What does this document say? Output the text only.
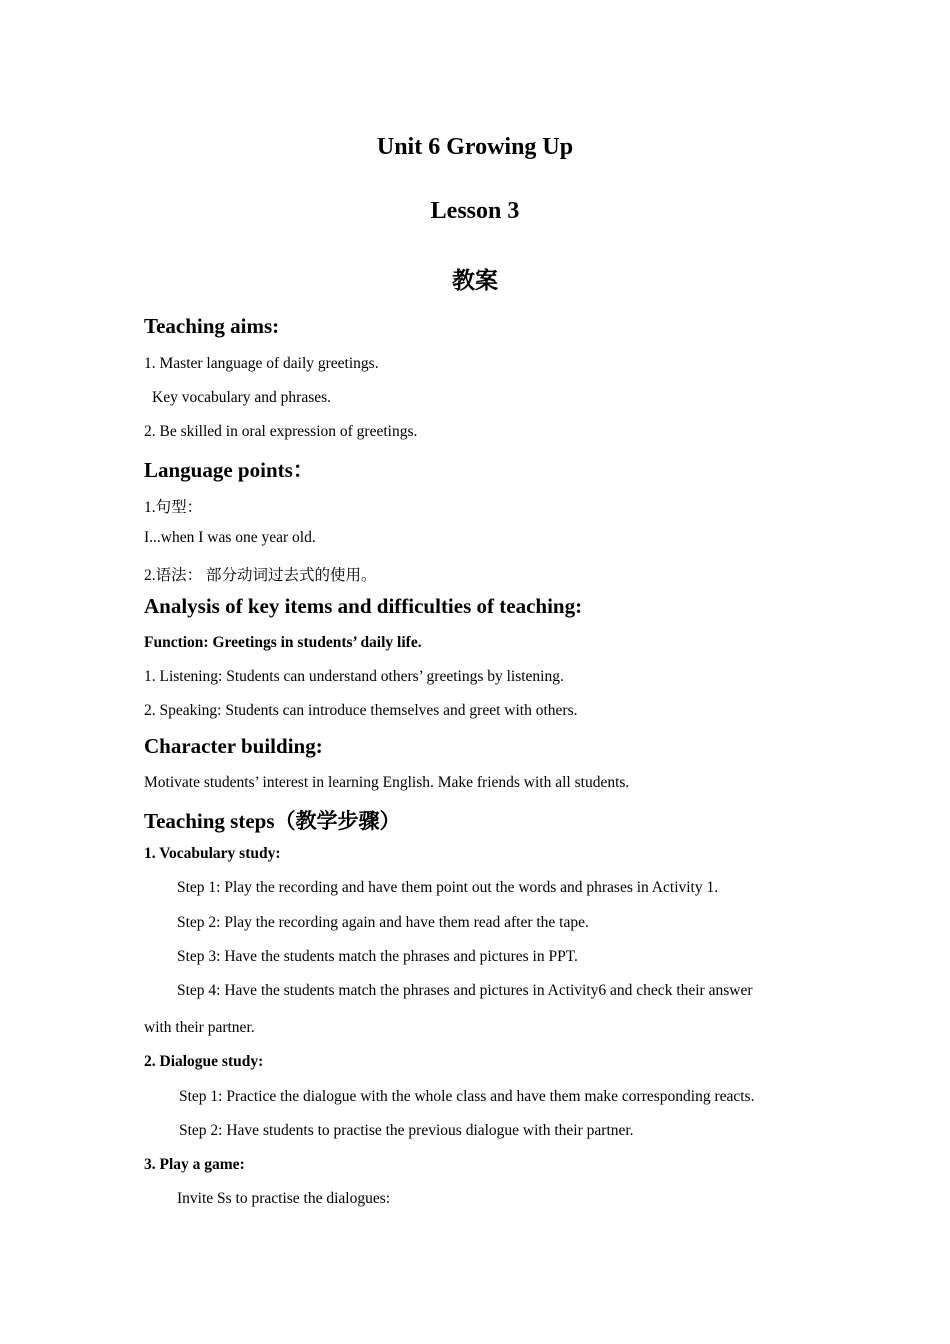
Unit 6 Growing Up
Lesson 3
教案
Teaching aims:
1. Master language of daily greetings.
Key vocabulary and phrases.
2. Be skilled in oral expression of greetings.
Language points：
1.句型：
I...when I was one year old.
2.语法： 部分动词过去式的使用。
Analysis of key items and difficulties of teaching:
Function: Greetings in students’ daily life.
1. Listening: Students can understand others’ greetings by listening.
2. Speaking: Students can introduce themselves and greet with others.
Character building:
Motivate students’ interest in learning English. Make friends with all students.
Teaching steps（教学步骤）
1. Vocabulary study:
Step 1: Play the recording and have them point out the words and phrases in Activity 1.
Step 2: Play the recording again and have them read after the tape.
Step 3: Have the students match the phrases and pictures in PPT.
Step 4: Have the students match the phrases and pictures in Activity6 and check their answer
with their partner.
2. Dialogue study:
Step 1: Practice the dialogue with the whole class and have them make corresponding reacts.
Step 2: Have students to practise the previous dialogue with their partner.
3. Play a game:
Invite Ss to practise the dialogues:
